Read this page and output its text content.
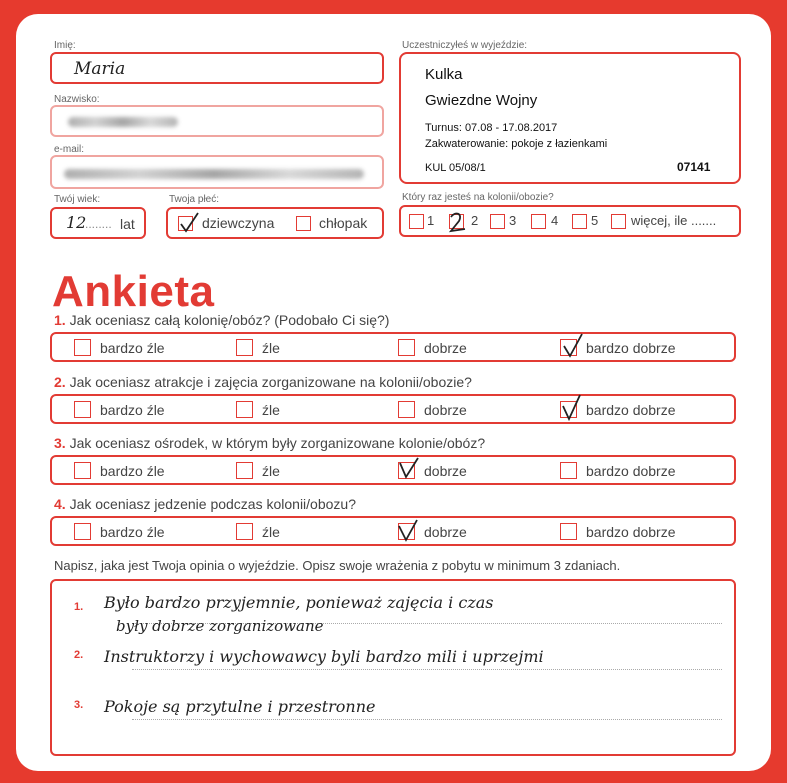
Imię:
Maria
Nazwisko:
e-mail:
Twój wiek:
12
........ lat
Twoja płeć:
dziewczyna	chłopak
Uczestniczyłeś w wyjeździe:
Kulka
Gwiezdne Wojny
Turnus: 07.08 - 17.08.2017
Zakwaterowanie: pokoje z łazienkami
KUL 05/08/1	07141
Który raz jesteś na kolonii/obozie?
1	2 3	4	5	więcej, ile .......
Ankieta
1. Jak oceniasz całą kolonię/obóz? (Podobało Ci się?)
bardzo źle	źle	dobrze	bardzo dobrze
2. Jak oceniasz atrakcje i zajęcia zorganizowane na kolonii/obozie?
bardzo źle	źle	dobrze	bardzo dobrze
3. Jak oceniasz ośrodek, w którym były zorganizowane kolonie/obóz?
bardzo źle	źle	dobrze	bardzo dobrze
4. Jak oceniasz jedzenie podczas kolonii/obozu?
bardzo źle	źle	dobrze	bardzo dobrze
Napisz, jaka jest Twoja opinia o wyjeździe. Opisz swoje wrażenia z pobytu w minimum 3 zdaniach.
1.
2.
3.
Było bardzo przyjemnie, ponieważ zajęcia i czas
były dobrze zorganizowane
Instruktorzy i wychowawcy byli bardzo mili i uprzejmi
Pokoje są przytulne i przestronne
